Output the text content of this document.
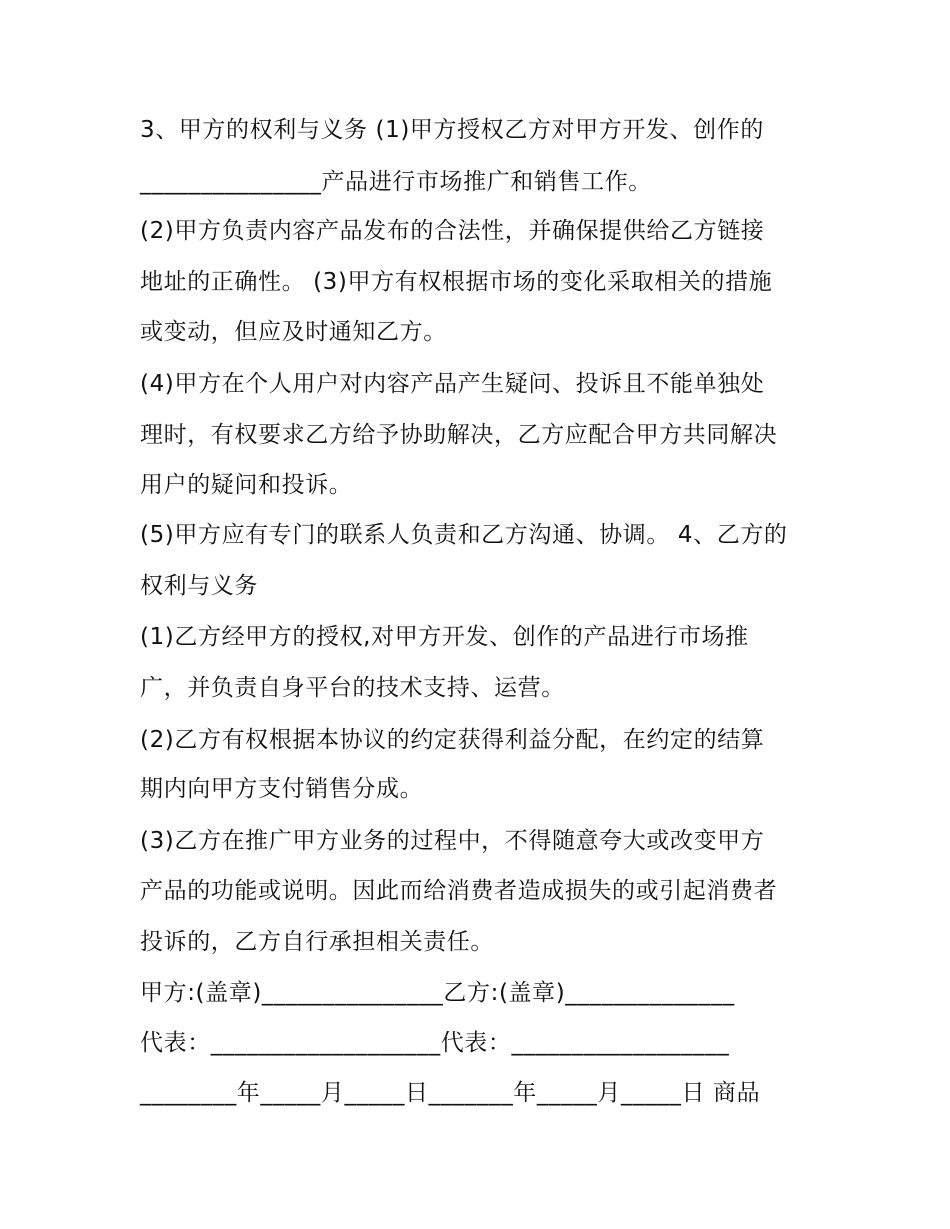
3、甲方的权利与义务 (1)甲方授权乙方对甲方开发、创作的
_______________产品进行市场推广和销售工作。
(2)甲方负责内容产品发布的合法性，并确保提供给乙方链接
地址的正确性。 (3)甲方有权根据市场的变化采取相关的措施
或变动，但应及时通知乙方。
(4)甲方在个人用户对内容产品产生疑问、投诉且不能单独处
理时，有权要求乙方给予协助解决，乙方应配合甲方共同解决
用户的疑问和投诉。
(5)甲方应有专门的联系人负责和乙方沟通、协调。 4、乙方的
权利与义务
(1)乙方经甲方的授权,对甲方开发、创作的产品进行市场推
广，并负责自身平台的技术支持、运营。
(2)乙方有权根据本协议的约定获得利益分配，在约定的结算
期内向甲方支付销售分成。
(3)乙方在推广甲方业务的过程中，不得随意夸大或改变甲方
产品的功能或说明。因此而给消费者造成损失的或引起消费者
投诉的，乙方自行承担相关责任。
甲方:(盖章)_______________乙方:(盖章)______________
代表：___________________代表：__________________
________年_____月_____日_______年_____月_____日 商品
